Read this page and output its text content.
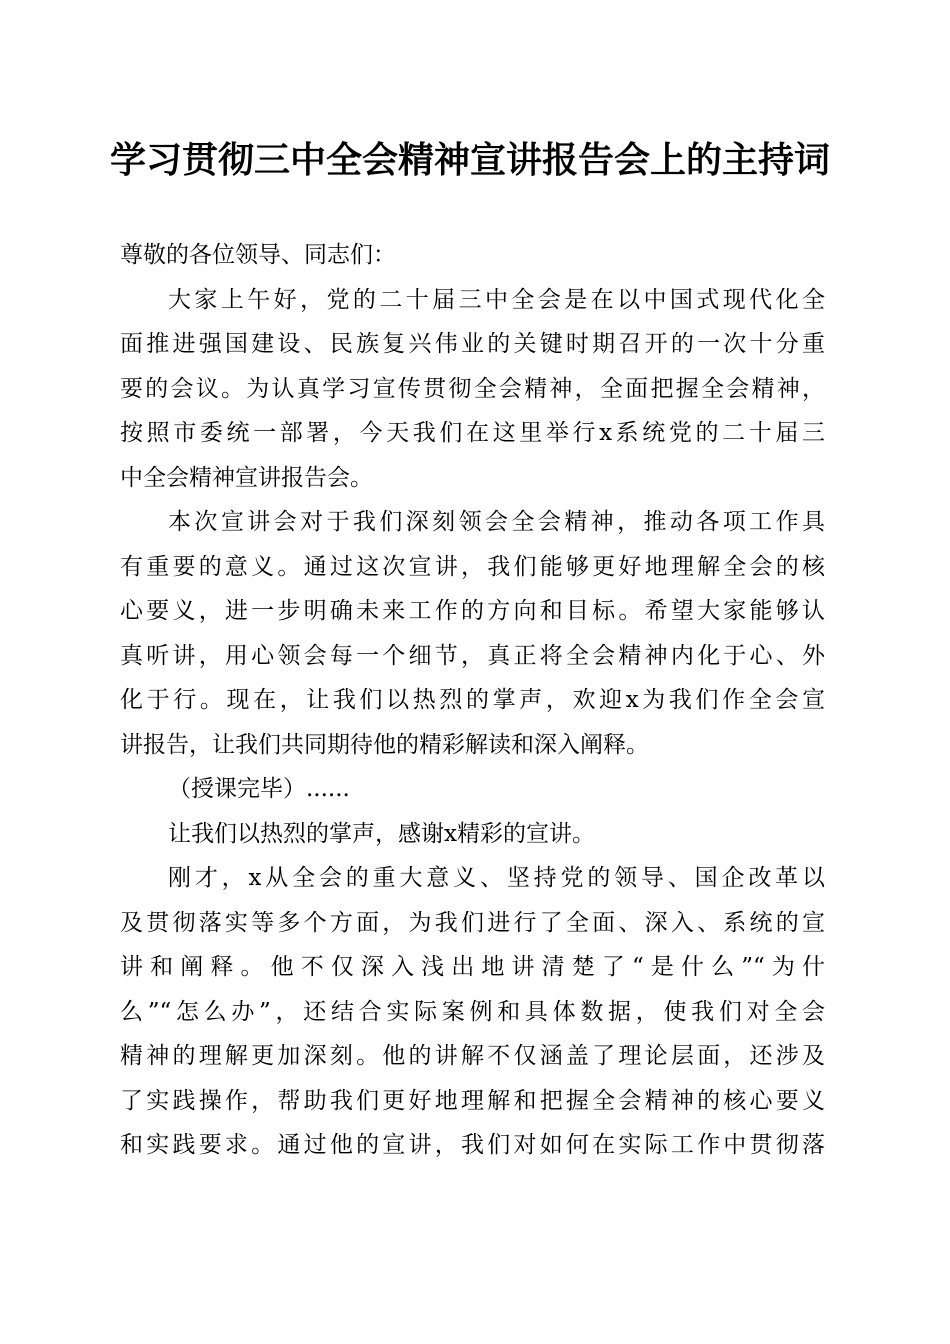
学习贯彻三中全会精神宣讲报告会上的主持词
尊敬的各位领导、同志们：
大家上午好，党的二十届三中全会是在以中国式现代化全
面推进强国建设、民族复兴伟业的关键时期召开的一次十分重
要的会议。为认真学习宣传贯彻全会精神，全面把握全会精神，
按照市委统一部署，今天我们在这里举行x系统党的二十届三
中全会精神宣讲报告会。
本次宣讲会对于我们深刻领会全会精神，推动各项工作具
有重要的意义。通过这次宣讲，我们能够更好地理解全会的核
心要义，进一步明确未来工作的方向和目标。希望大家能够认
真听讲，用心领会每一个细节，真正将全会精神内化于心、外
化于行。现在，让我们以热烈的掌声，欢迎x为我们作全会宣
讲报告，让我们共同期待他的精彩解读和深入阐释。
（授课完毕）......
让我们以热烈的掌声，感谢x精彩的宣讲。
刚才，x从全会的重大意义、坚持党的领导、国企改革以
及贯彻落实等多个方面，为我们进行了全面、深入、系统的宣
讲和阐释。他不仅深入浅出地讲清楚了“是什么”“为什
么”“怎么办”，还结合实际案例和具体数据，使我们对全会
精神的理解更加深刻。他的讲解不仅涵盖了理论层面，还涉及
了实践操作，帮助我们更好地理解和把握全会精神的核心要义
和实践要求。通过他的宣讲，我们对如何在实际工作中贯彻落
